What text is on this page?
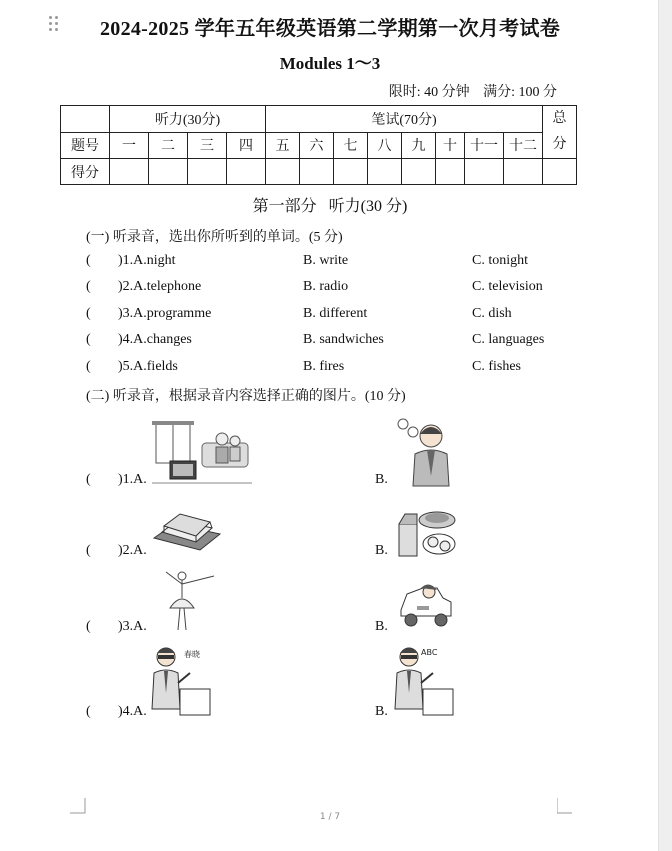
2024-2025 学年五年级英语第二学期第一次月考试卷
Modules 1～3
限时: 40 分钟 满分: 100 分
	听力(30分)				笔试(70分)								总分

题号	一	二	三	四	五	六	七	八	九	十	十一	十二	
得分													
第一部分 听力(30 分)
(一) 听录音，选出你所听到的单词。(5 分)
( )1.A.night	B. write	C. tonight
( )2.A.telephone	B. radio	C. television
( )3.A.programme	B. different	C. dish
( )4.A.changes	B. sandwiches	C. languages
( )5.A.fields	B. fires	C. fishes
(二) 听录音，根据录音内容选择正确的图片。(10 分)
( )1.A.	B.
( )2.A.	B.
( )3.A.	B.
( )4.A.	B.
春晓	ABC
1 / 7
